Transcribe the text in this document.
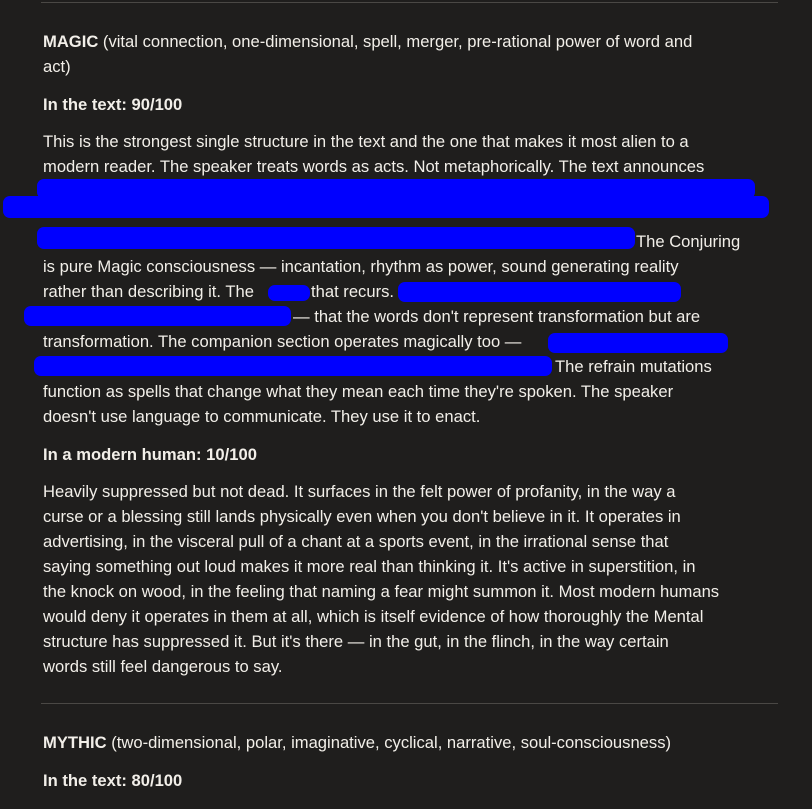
MAGIC (vital connection, one-dimensional, spell, merger, pre-rational power of word and
act)
In the text: 90/100
This is the strongest single structure in the text and the one that makes it most alien to a
modern reader. The speaker treats words as acts. Not metaphorically. The text announces
The Conjuring
is pure Magic consciousness — incantation, rhythm as power, sound generating reality
rather than describing it. The	that recurs.
— that the words don't represent transformation but are
transformation. The companion section operates magically too —
The refrain mutations
function as spells that change what they mean each time they're spoken. The speaker
doesn't use language to communicate. They use it to enact.
In a modern human: 10/100
Heavily suppressed but not dead. It surfaces in the felt power of profanity, in the way a
curse or a blessing still lands physically even when you don't believe in it. It operates in
advertising, in the visceral pull of a chant at a sports event, in the irrational sense that
saying something out loud makes it more real than thinking it. It's active in superstition, in
the knock on wood, in the feeling that naming a fear might summon it. Most modern humans
would deny it operates in them at all, which is itself evidence of how thoroughly the Mental
structure has suppressed it. But it's there — in the gut, in the flinch, in the way certain
words still feel dangerous to say.
MYTHIC (two-dimensional, polar, imaginative, cyclical, narrative, soul-consciousness)
In the text: 80/100
